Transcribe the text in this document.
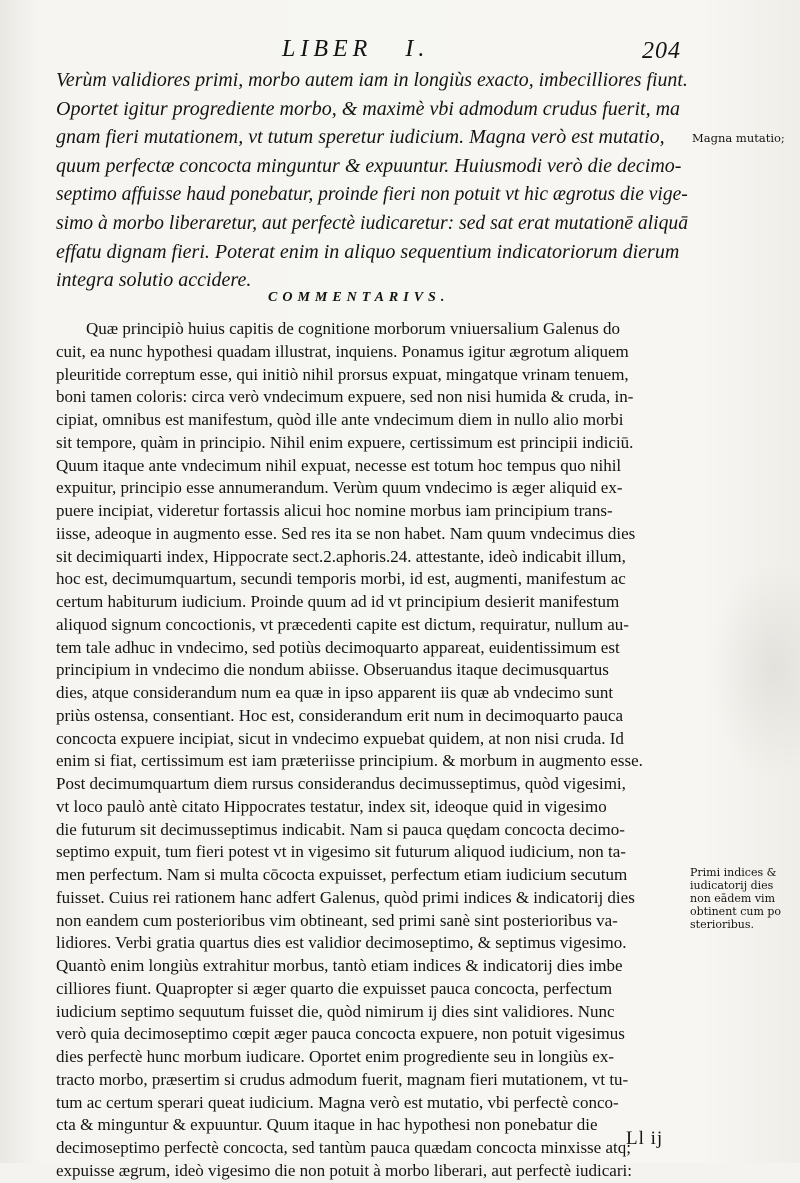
LIBER   I.	204
Verùm validiores primi, morbo autem iam in longiùs exacto, imbecilliores fiunt.
Oportet igitur progrediente morbo, & maximè vbi admodum crudus fuerit, ma
gnam fieri mutationem, vt tutum speretur iudicium. Magna verò est mutatio,
quum perfectæ concocta minguntur & expuuntur. Huiusmodi verò die decimo-
septimo affuisse haud ponebatur, proinde fieri non potuit vt hic ægrotus die vige-
simo à morbo liberaretur, aut perfectè iudicaretur: sed sat erat mutationē aliquā
effatu dignam fieri. Poterat enim in aliquo sequentium indicatoriorum dierum
integra solutio accidere.
COMMENTARIVS.
Quæ principiò huius capitis de cognitione morborum vniuersalium Galenus do
cuit, ea nunc hypothesi quadam illustrat, inquiens. Ponamus igitur ægrotum aliquem
pleuritide correptum esse, qui initiò nihil prorsus expuat, mingatque vrinam tenuem,
boni tamen coloris: circa verò vndecimum expuere, sed non nisi humida & cruda, in-
cipiat, omnibus est manifestum, quòd ille ante vndecimum diem in nullo alio morbi
sit tempore, quàm in principio. Nihil enim expuere, certissimum est principii indiciū.
Quum itaque ante vndecimum nihil expuat, necesse est totum hoc tempus quo nihil
expuitur, principio esse annumerandum. Verùm quum vndecimo is æger aliquid ex-
puere incipiat, videretur fortassis alicui hoc nomine morbus iam principium trans-
iisse, adeoque in augmento esse. Sed res ita se non habet. Nam quum vndecimus dies
sit decimiquarti index, Hippocrate sect.2.aphoris.24. attestante, ideò indicabit illum,
hoc est, decimumquartum, secundi temporis morbi, id est, augmenti, manifestum ac
certum habiturum iudicium. Proinde quum ad id vt principium desierit manifestum
aliquod signum concoctionis, vt præcedenti capite est dictum, requiratur, nullum au-
tem tale adhuc in vndecimo, sed potiùs decimoquarto appareat, euidentissimum est
principium in vndecimo die nondum abiisse. Obseruandus itaque decimusquartus
dies, atque considerandum num ea quæ in ipso apparent iis quæ ab vndecimo sunt
priùs ostensa, consentiant. Hoc est, considerandum erit num in decimoquarto pauca
concocta expuere incipiat, sicut in vndecimo expuebat quidem, at non nisi cruda. Id
enim si fiat, certissimum est iam præteriisse principium. & morbum in augmento esse.
Post decimumquartum diem rursus considerandus decimusseptimus, quòd vigesimi,
vt loco paulò antè citato Hippocrates testatur, index sit, ideoque quid in vigesimo
die futurum sit decimusseptimus indicabit. Nam si pauca quędam concocta decimo-
septimo expuit, tum fieri potest vt in vigesimo sit futurum aliquod iudicium, non ta-
men perfectum. Nam si multa cōcocta expuisset, perfectum etiam iudicium secutum
fuisset. Cuius rei rationem hanc adfert Galenus, quòd primi indices & indicatorij dies
non eandem cum posterioribus vim obtineant, sed primi sanè sint posterioribus va-
lidiores. Verbi gratia quartus dies est validior decimoseptimo, & septimus vigesimo.
Quantò enim longiùs extrahitur morbus, tantò etiam indices & indicatorij dies imbe
cilliores fiunt. Quapropter si æger quarto die expuisset pauca concocta, perfectum
iudicium septimo sequutum fuisset die, quòd nimirum ij dies sint validiores. Nunc
verò quia decimoseptimo cœpit æger pauca concocta expuere, non potuit vigesimus
dies perfectè hunc morbum iudicare. Oportet enim progrediente seu in longiùs ex-
tracto morbo, præsertim si crudus admodum fuerit, magnam fieri mutationem, vt tu-
tum ac certum sperari queat iudicium. Magna verò est mutatio, vbi perfectè conco-
cta & minguntur & expuuntur. Quum itaque in hac hypothesi non ponebatur die
decimoseptimo perfectè concocta, sed tantùm pauca quædam concocta minxisse atq;
expuisse ægrum, ideò vigesimo die non potuit à morbo liberari, aut perfectè iudicari:
Magna mutatio;
Primi indices & iudicatorij dies non eādem vim obtinent cum po sterioribus.
Ll ij
